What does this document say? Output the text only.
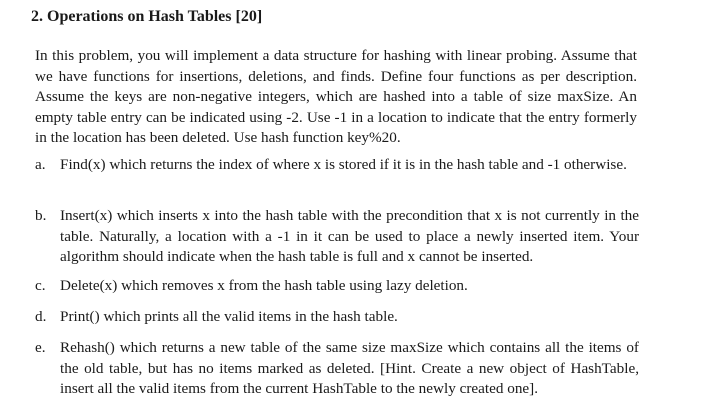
2. Operations on Hash Tables [20]

In this problem, you will implement a data structure for hashing with linear probing. Assume that we have functions for insertions, deletions, and finds. Define four functions as per description. Assume the keys are non-negative integers, which are hashed into a table of size maxSize. An empty table entry can be indicated using -2. Use -1 in a location to indicate that the entry formerly in the location has been deleted. Use hash function key%20.

a. Find(x) which returns the index of where x is stored if it is in the hash table and -1 otherwise.
b. Insert(x) which inserts x into the hash table with the precondition that x is not currently in the table. Naturally, a location with a -1 in it can be used to place a newly inserted item. Your algorithm should indicate when the hash table is full and x cannot be inserted.
c. Delete(x) which removes x from the hash table using lazy deletion.
d. Print() which prints all the valid items in the hash table.
e. Rehash() which returns a new table of the same size maxSize which contains all the items of the old table, but has no items marked as deleted. [Hint. Create a new object of HashTable, insert all the valid items from the current HashTable to the newly created one].
